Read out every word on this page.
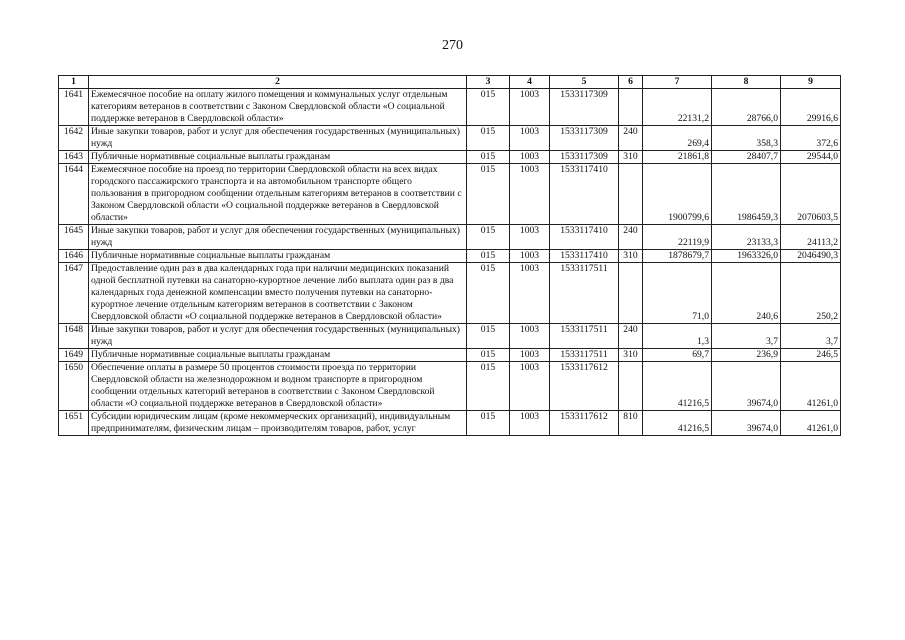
270
1	2	3	4	5	6	7	8	9
1641	Ежемесячное пособие на оплату жилого помещения и коммунальных услуг отдельным категориям ветеранов в соответствии с Законом Свердловской области «О социальной поддержке ветеранов в Свердловской области»	015	1003	1533117309		22131,2	28766,0	29916,6
1642	Иные закупки товаров, работ и услуг для обеспечения государственных (муниципальных) нужд	015	1003	1533117309	240	269,4	358,3	372,6
1643	Публичные нормативные социальные выплаты гражданам	015	1003	1533117309	310	21861,8	28407,7	29544,0
1644	Ежемесячное пособие на проезд по территории Свердловской области на всех видах городского пассажирского транспорта и на автомобильном транспорте общего пользования в пригородном сообщении отдельным категориям ветеранов в соответствии с Законом Свердловской области «О социальной поддержке ветеранов в Свердловской области»	015	1003	1533117410		1900799,6	1986459,3	2070603,5
1645	Иные закупки товаров, работ и услуг для обеспечения государственных (муниципальных) нужд	015	1003	1533117410	240	22119,9	23133,3	24113,2
1646	Публичные нормативные социальные выплаты гражданам	015	1003	1533117410	310	1878679,7	1963326,0	2046490,3
1647	Предоставление один раз в два календарных года при наличии медицинских показаний одной бесплатной путевки на санаторно-курортное лечение либо выплата один раз в два календарных года денежной компенсации вместо получения путевки на санаторно-курортное лечение отдельным категориям ветеранов в соответствии с Законом Свердловской области «О социальной поддержке ветеранов в Свердловской области»	015	1003	1533117511		71,0	240,6	250,2
1648	Иные закупки товаров, работ и услуг для обеспечения государственных (муниципальных) нужд	015	1003	1533117511	240	1,3	3,7	3,7
1649	Публичные нормативные социальные выплаты гражданам	015	1003	1533117511	310	69,7	236,9	246,5
1650	Обеспечение оплаты в размере 50 процентов стоимости проезда по территории Свердловской области на железнодорожном и водном транспорте в пригородном сообщении отдельных категорий ветеранов в соответствии с Законом Свердловской области «О социальной поддержке ветеранов в Свердловской области»	015	1003	1533117612		41216,5	39674,0	41261,0
1651	Субсидии юридическим лицам (кроме некоммерческих организаций), индивидуальным предпринимателям, физическим лицам – производителям товаров, работ, услуг	015	1003	1533117612	810	41216,5	39674,0	41261,0
